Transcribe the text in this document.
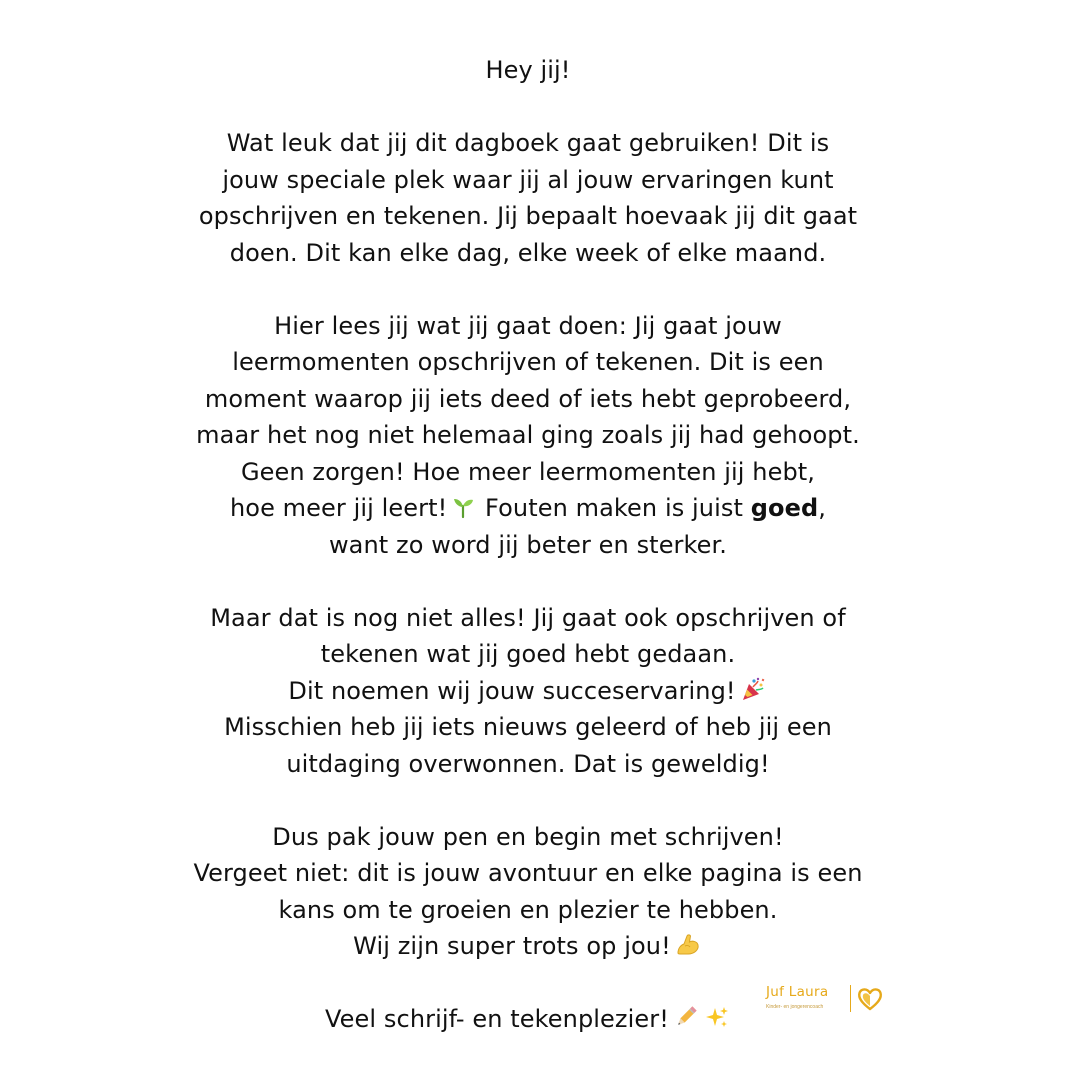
Hey jij!
Wat leuk dat jij dit dagboek gaat gebruiken! Dit is
jouw speciale plek waar jij al jouw ervaringen kunt
opschrijven en tekenen. Jij bepaalt hoevaak jij dit gaat
doen. Dit kan elke dag, elke week of elke maand.
Hier lees jij wat jij gaat doen: Jij gaat jouw
leermomenten opschrijven of tekenen. Dit is een
moment waarop jij iets deed of iets hebt geprobeerd,
maar het nog niet helemaal ging zoals jij had gehoopt.
Geen zorgen! Hoe meer leermomenten jij hebt,
hoe meer jij leert! Fouten maken is juist goed,
want zo word jij beter en sterker.
Maar dat is nog niet alles! Jij gaat ook opschrijven of
tekenen wat jij goed hebt gedaan.
Dit noemen wij jouw succeservaring!
Misschien heb jij iets nieuws geleerd of heb jij een
uitdaging overwonnen. Dat is geweldig!
Dus pak jouw pen en begin met schrijven!
Vergeet niet: dit is jouw avontuur en elke pagina is een
kans om te groeien en plezier te hebben.
Wij zijn super trots op jou!
Veel schrijf- en tekenplezier!
Juf Laura
Kinder- en jongerencoach
